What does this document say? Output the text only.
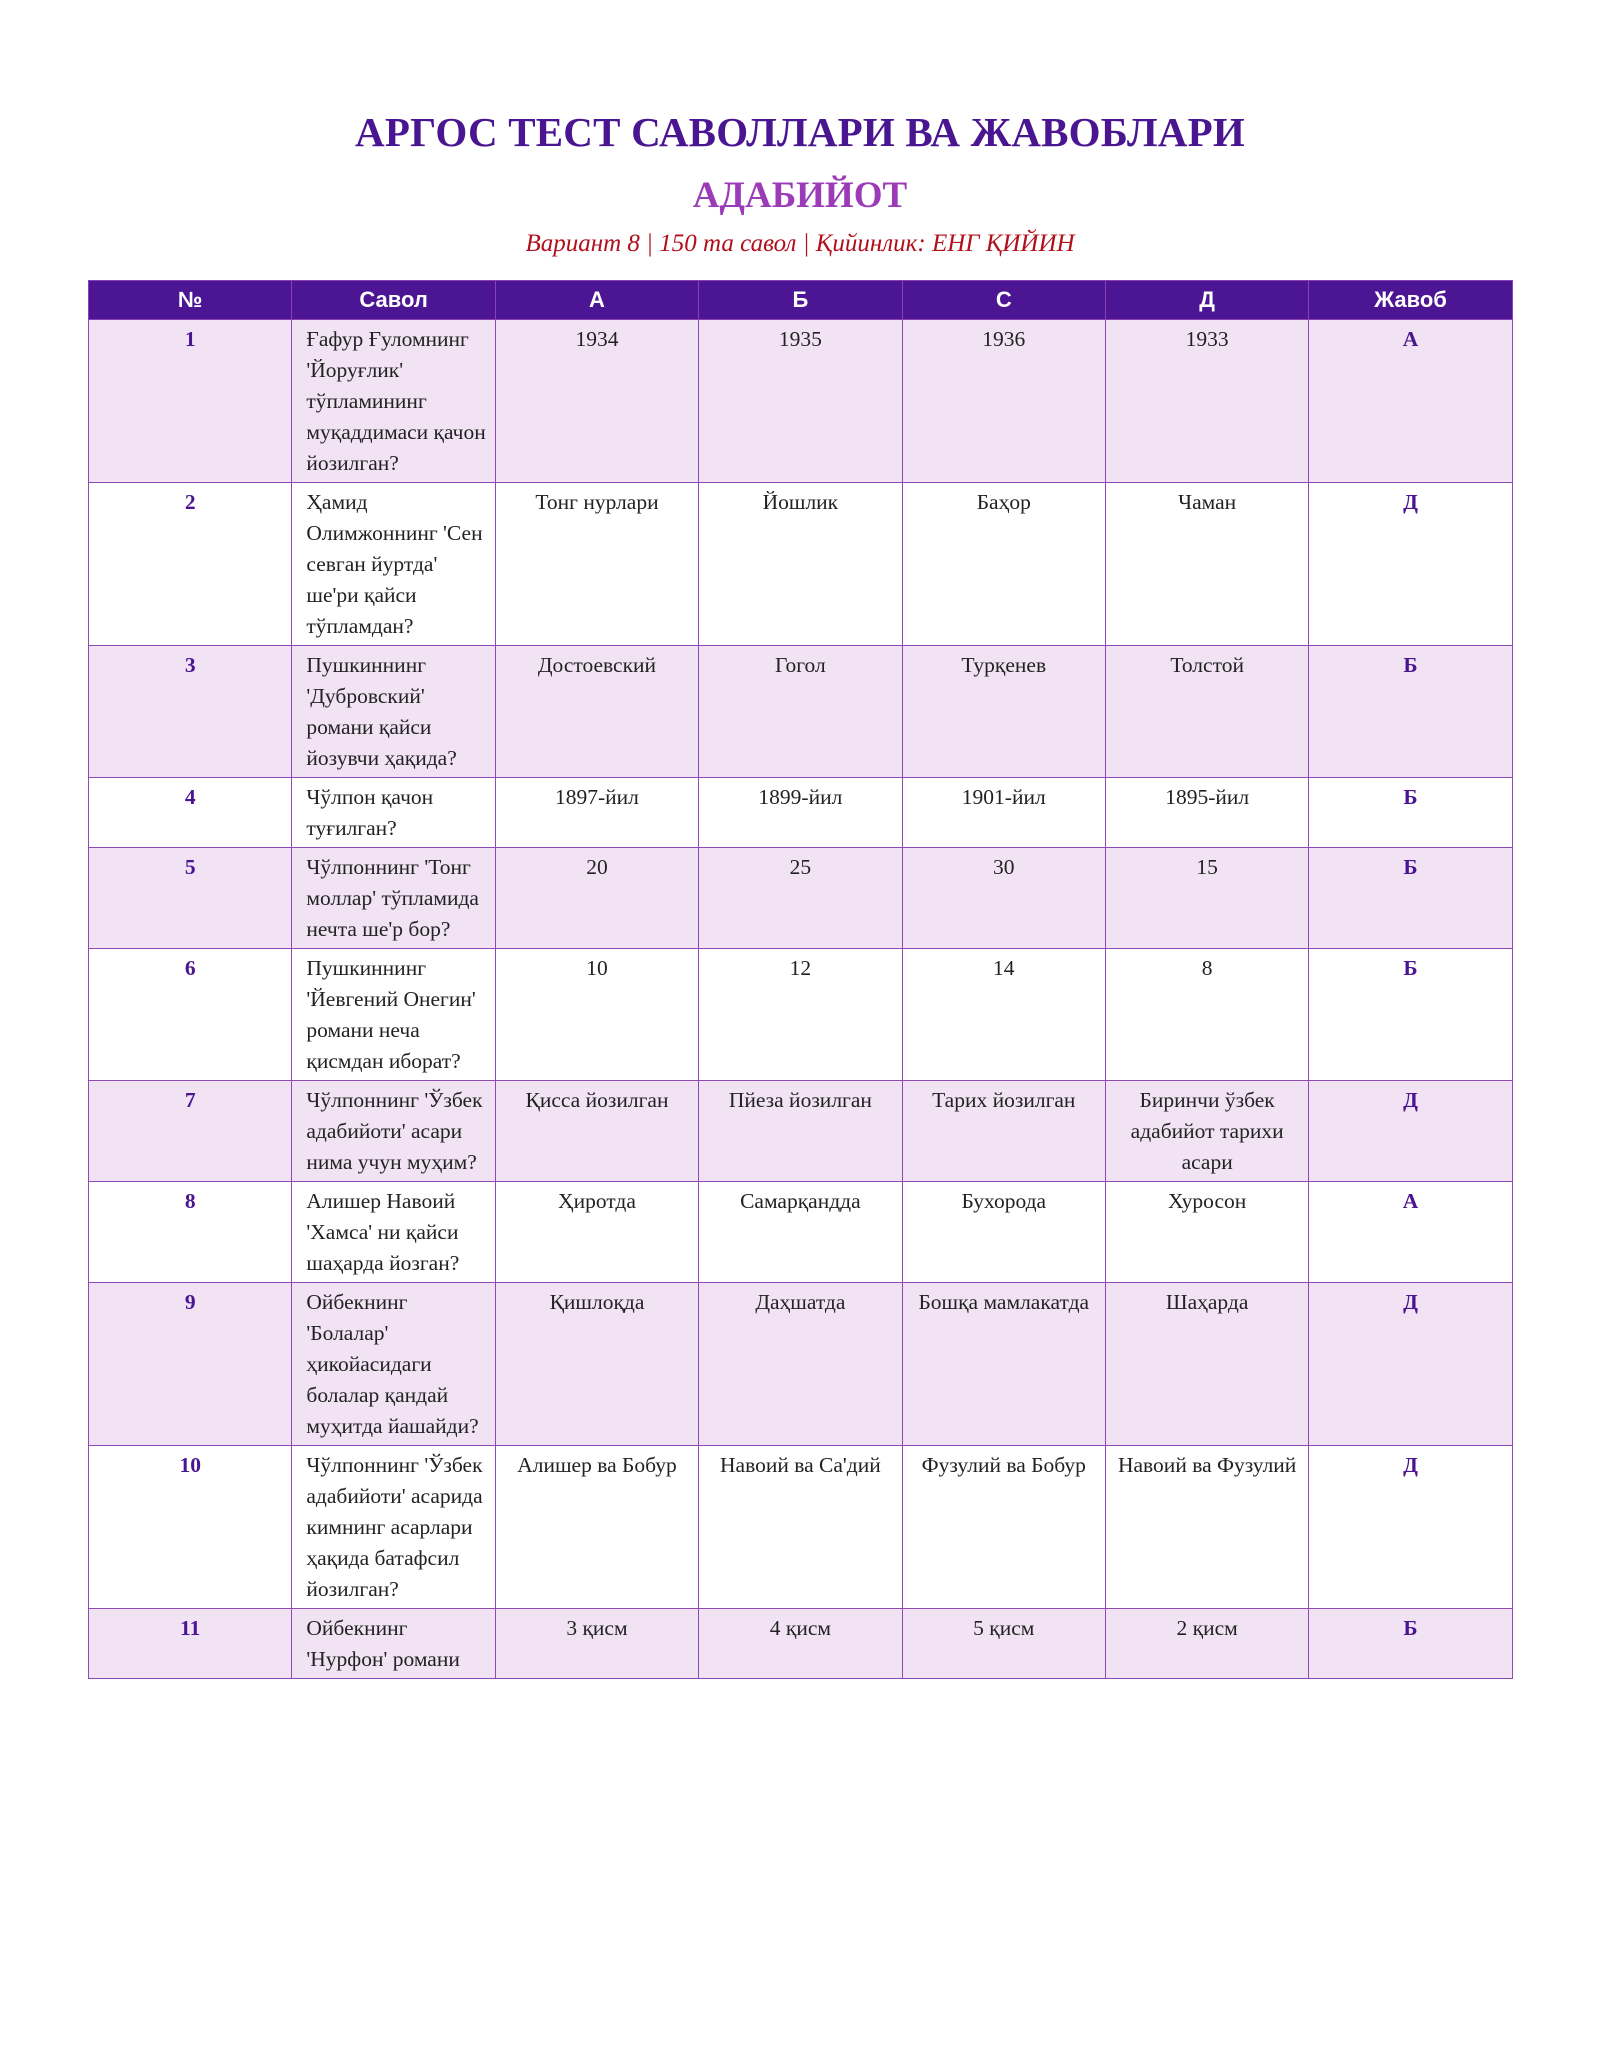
АРГОС ТЕСТ САВОЛЛАРИ ВА ЖАВОБЛАРИ
АДАБИЙОТ
Вариант 8 | 150 та савол | Қийинлик: ЕНГ ҚИЙИН
№	Савол	А	Б	С	Д	Жавоб
1	Ғафур Ғуломнинг 'Йоруғлик' тўпламининг муқаддимаси қачон йозилган?	1934	1935	1936	1933	А
2	Ҳамид Олимжоннинг 'Сен севган йуртда' ше'ри қайси тўпламдан?	Тонг нурлари	Йошлик	Баҳор	Чаман	Д
3	Пушкиннинг 'Дубровский' романи қайси йозувчи ҳақида?	Достоевский	Гогол	Турқенев	Толстой	Б
4	Чўлпон қачон туғилган?	1897-йил	1899-йил	1901-йил	1895-йил	Б
5	Чўлпоннинг 'Тонг моллар' тўпламида нечта ше'р бор?	20	25	30	15	Б
6	Пушкиннинг 'Йевгений Онегин' романи неча қисмдан иборат?	10	12	14	8	Б
7	Чўлпоннинг 'Ўзбек адабийоти' асари нима учун муҳим?	Қисса йозилган	Пйеза йозилган	Тарих йозилган	Биринчи ўзбек адабийот тарихи асари	Д
8	Алишер Навоий 'Хамса' ни қайси шаҳарда йозган?	Ҳиротда	Самарқандда	Бухорода	Хуросон	А
9	Ойбекнинг 'Болалар' ҳикойасидаги болалар қандай муҳитда йашайди?	Қишлоқда	Даҳшатда	Бошқа мамлакатда	Шаҳарда	Д
10	Чўлпоннинг 'Ўзбек адабийоти' асарида кимнинг асарлари ҳақида батафсил йозилган?	Алишер ва Бобур	Навоий ва Са'дий	Фузулий ва Бобур	Навоий ва Фузулий	Д
11	Ойбекнинг 'Нурфон' романи	3 қисм	4 қисм	5 қисм	2 қисм	Б
